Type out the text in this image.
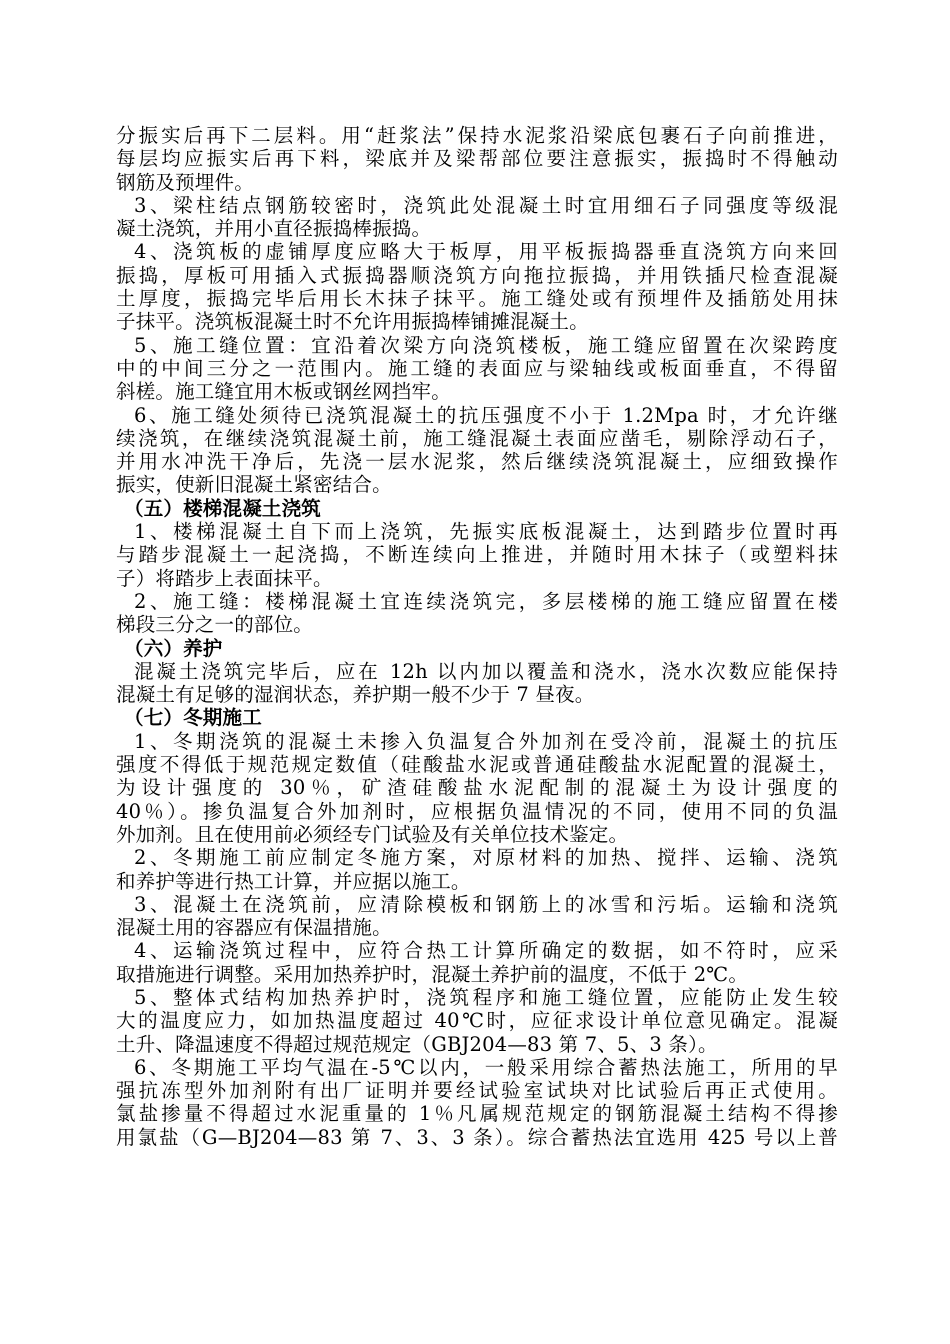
分振实后再下二层料。用“赶浆法”保持水泥浆沿梁底包裹石子向前推进，
每层均应振实后再下料，梁底并及梁帮部位要注意振实，振捣时不得触动
钢筋及预埋件。
3、梁柱结点钢筋较密时，浇筑此处混凝土时宜用细石子同强度等级混
凝土浇筑，并用小直径振捣棒振捣。
4、浇筑板的虚铺厚度应略大于板厚，用平板振捣器垂直浇筑方向来回
振捣，厚板可用插入式振捣器顺浇筑方向拖拉振捣，并用铁插尺检查混凝
土厚度，振捣完毕后用长木抹子抹平。施工缝处或有预埋件及插筋处用抹
子抹平。浇筑板混凝土时不允许用振捣棒铺摊混凝土。
5、施工缝位置：宜沿着次梁方向浇筑楼板，施工缝应留置在次梁跨度
中的中间三分之一范围内。施工缝的表面应与梁轴线或板面垂直，不得留
斜槎。施工缝宜用木板或钢丝网挡牢。
6、施工缝处须待已浇筑混凝土的抗压强度不小于 1.2Mpa 时，才允许继
续浇筑，在继续浇筑混凝土前，施工缝混凝土表面应凿毛，剔除浮动石子，
并用水冲洗干净后，先浇一层水泥浆，然后继续浇筑混凝土，应细致操作
振实，使新旧混凝土紧密结合。
（五）楼梯混凝土浇筑
1、楼梯混凝土自下而上浇筑，先振实底板混凝土，达到踏步位置时再
与踏步混凝土一起浇捣，不断连续向上推进，并随时用木抹子（或塑料抹
子）将踏步上表面抹平。
2、施工缝：楼梯混凝土宜连续浇筑完，多层楼梯的施工缝应留置在楼
梯段三分之一的部位。
（六）养护
混凝土浇筑完毕后，应在 12h 以内加以覆盖和浇水，浇水次数应能保持
混凝土有足够的湿润状态，养护期一般不少于 7 昼夜。
（七）冬期施工
1、冬期浇筑的混凝土未掺入负温复合外加剂在受冷前，混凝土的抗压
强度不得低于规范规定数值（硅酸盐水泥或普通硅酸盐水泥配置的混凝土，
为设计强度的 30％，矿渣硅酸盐水泥配制的混凝土为设计强度的
40％）。掺负温复合外加剂时，应根据负温情况的不同，使用不同的负温
外加剂。且在使用前必须经专门试验及有关单位技术鉴定。
2、冬期施工前应制定冬施方案，对原材料的加热、搅拌、运输、浇筑
和养护等进行热工计算，并应据以施工。
3、混凝土在浇筑前，应清除模板和钢筋上的冰雪和污垢。运输和浇筑
混凝土用的容器应有保温措施。
4、运输浇筑过程中，应符合热工计算所确定的数据，如不符时，应采
取措施进行调整。采用加热养护时，混凝土养护前的温度，不低于 2℃。
5、整体式结构加热养护时，浇筑程序和施工缝位置，应能防止发生较
大的温度应力，如加热温度超过 40℃时，应征求设计单位意见确定。混凝
土升、降温速度不得超过规范规定（GBJ204—83 第 7、5、3 条）。
6、冬期施工平均气温在-5℃以内，一般采用综合蓄热法施工，所用的早
强抗冻型外加剂附有出厂证明并要经试验室试块对比试验后再正式使用。
氯盐掺量不得超过水泥重量的 1％凡属规范规定的钢筋混凝土结构不得掺
用氯盐（G—BJ204—83 第 7、3、3 条）。综合蓄热法宜选用 425 号以上普
